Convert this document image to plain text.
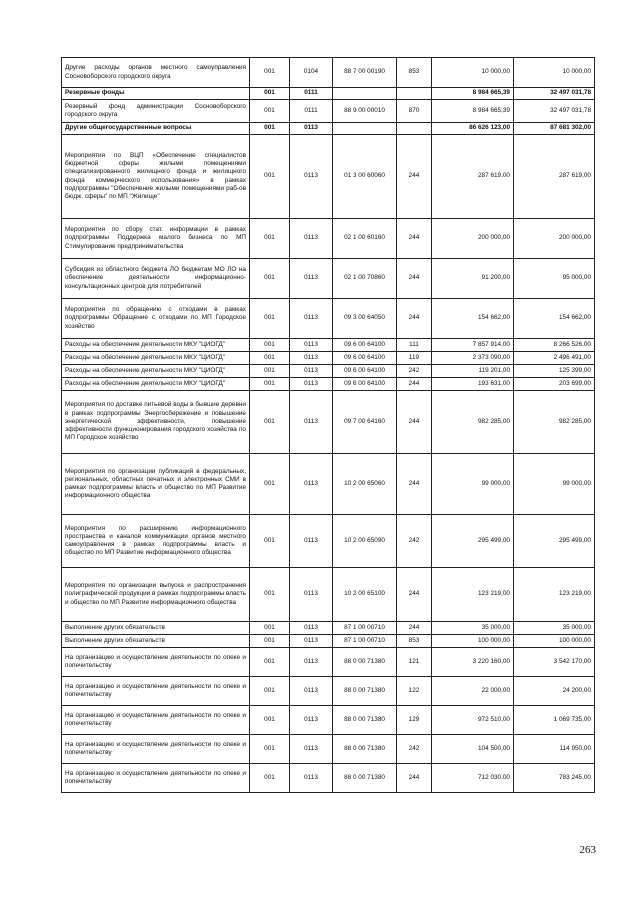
Другие расходы органов местного самоуправления Сосновоборского городского округа	001	0104	88 7 00 00190	853	10 000,00	10 000,00
Резервные фонды	001	0111			8 984 665,39	32 497 031,78
Резервный фонд администрации Сосновоборского городского округа	001	0111	88 9 00 00010	870	8 984 665,39	32 497 031,78
Другие общегосударственные вопросы	001	0113			86 626 123,00	87 681 302,00
Мероприятия по ВЦП «Обеспечение специалистов бюджетной сферы жилыми помещениями специализированного жилищного фонда и жилищного фонда коммерческого использования» в рамках подпрограммы "Обеспечение жилыми помещениями раб-ов бюдж. сферы" по МП "Жилище"	001	0113	01 3 00 60060	244	287 619,00	287 619,00
Мероприятия по сбору стат. информации в рамках подпрограммы Поддержка малого бизнеса по МП Стимулирование предпринимательства	001	0113	02 1 00 60160	244	200 000,00	200 000,00
Субсидия из областного бюджета ЛО бюджетам МО ЛО на обеспечение деятельности информационно-консультационных центров для потребителей	001	0113	02 1 00 70860	244	91 200,00	95 000,00
Мероприятия по обращению с отходами в рамках подпрограммы Обращение с отходами по МП Городское хозяйство	001	0113	09 3 00 64050	244	154 662,00	154 662,00
Расходы на обеспечение деятельности МКУ "ЦИОГД"	001	0113	09 6 00 64100	111	7 857 914,00	8 266 526,00
Расходы на обеспечение деятельности МКУ "ЦИОГД"	001	0113	09 6 00 64100	119	2 373 090,00	2 496 491,00
Расходы на обеспечение деятельности МКУ "ЦИОГД"	001	0113	09 6 00 64100	242	119 201,00	125 399,00
Расходы на обеспечение деятельности МКУ "ЦИОГД"	001	0113	09 6 00 64100	244	193 631,00	203 699,00
Мероприятия по доставке питьевой воды в бывшие деревни в рамках подпрограммы Энергосбережение и повышение энергетической эффективности, повышение эффективности функционирования городского хозяйства по МП Городское хозяйство	001	0113	09 7 00 64160	244	982 285,00	982 285,00
Мероприятия по организации публикаций в федеральных, региональных, областных печатных и электронных СМИ в рамках подпрограммы власть и общество по МП Развитие информационного общества	001	0113	10 2 00 65060	244	99 000,00	99 000,00
Мероприятия по расширению информационного пространства и каналов коммуникации органов местного самоуправления в рамках подпрограммы власть и общество по МП Развитие информационного общества	001	0113	10 2 00 65090	242	295 499,00	295 499,00
Мероприятия по организации выпуска и распространения полиграфической продукции в рамках подпрограммы власть и общество по МП Развитие информационного общества	001	0113	10 2 00 65100	244	123 219,00	123 219,00
Выполнение других обязательств	001	0113	87 1 00 00710	244	35 000,00	35 000,00
Выполнение других обязательств	001	0113	87 1 00 00710	853	100 000,00	100 000,00
На организацию и осуществление деятельности по опеке и попечительству	001	0113	88 0 00 71380	121	3 220 160,00	3 542 170,00
На организацию и осуществление деятельности по опеке и попечительству	001	0113	88 0 00 71380	122	22 000,00	24 200,00
На организацию и осуществление деятельности по опеке и попечительству	001	0113	88 0 00 71380	129	972 510,00	1 069 735,00
На организацию и осуществление деятельности по опеке и попечительству	001	0113	88 0 00 71380	242	104 500,00	114 950,00
На организацию и осуществление деятельности по опеке и попечительству	001	0113	88 0 00 71380	244	712 030,00	783 245,00
263
